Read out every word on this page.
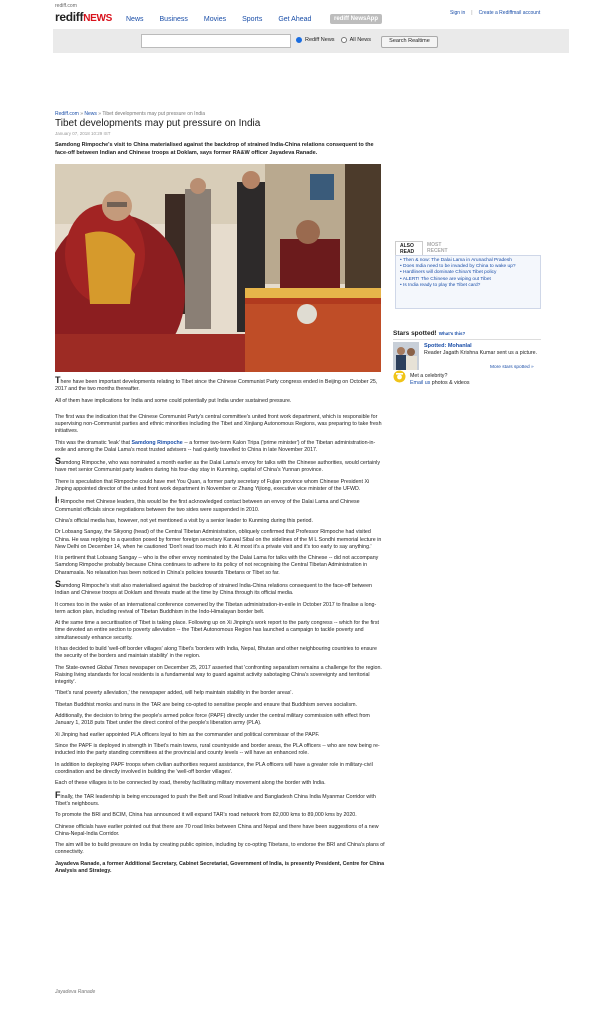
rediff.com
rediffNEWS News Business Movies Sports Get Ahead	rediff NewsApp
Sign in | Create a Rediffmail account
Rediff News	All News	Search Realtime
Rediff.com » News » Tibet developments may put pressure on India
Tibet developments may put pressure on India
January 07, 2018 10:29 IST
Samdong Rimpoche's visit to China materialised against the backdrop of strained India-China relations consequent to the face-off between Indian and Chinese troops at Doklam, says former RA&W officer Jayadeva Ranade.

There have been important developments relating to Tibet since the Chinese Communist Party congress ended in Beijing on October 25, 2017 and the two months thereafter.

All of them have implications for India and some could potentially put India under sustained pressure.

The first was the indication that the Chinese Communist Party's central committee's united front work department, which is responsible for supervising non-Communist parties and ethnic minorities including the Tibet and Xinjiang Autonomous Regions, was preparing to take fresh initiatives.

This was the dramatic 'leak' that Samdong Rimpoche -- a former two-term Kalon Tripa ('prime minister') of the Tibetan administration-in-exile and among the Dalai Lama's most trusted advisers -- had quietly travelled to China in late November 2017.

Samdong Rimpoche, who was nominated a month earlier as the Dalai Lama's envoy for talks with the Chinese authorities, would certainly have met senior Communist party leaders during his four-day stay in Kunming, capital of China's Yunnan province.

There is speculation that Rimpoche could have met You Quan, a former party secretary of Fujian province whom Chinese President Xi Jinping appointed director of the united front work department in November or Zhang Yijiong, executive vice minister of the UFWD.

If Rimpoche met Chinese leaders, this would be the first acknowledged contact between an envoy of the Dalai Lama and Chinese Communist officials since negotiations between the two sides were suspended in 2010.

China's official media has, however, not yet mentioned a visit by a senior leader to Kunming during this period.

Dr Lobsang Sangay, the Sikyong (head) of the Central Tibetan Administration, obliquely confirmed that Professor Rimpoche had visited China. He was replying to a question posed by former foreign secretary Kanwal Sibal on the sidelines of the M L Sondhi memorial lecture in New Delhi on December 14, when he cautioned 'Don't read too much into it. At most it's a private visit and it's too early to say anything.'

It is pertinent that Lobsang Sangay -- who is the other envoy nominated by the Dalai Lama for talks with the Chinese -- did not accompany Samdong Rimpoche probably because China continues to adhere to its policy of not recognising the Central Tibetan Administration in Dharamsala. No relaxation has been noticed in China's policies towards Tibetans or Tibet so far.

Samdong Rimpoche's visit also materialised against the backdrop of strained India-China relations consequent to the face-off between Indian and Chinese troops at Doklam and threats made at the time by China through its official media.

It comes too in the wake of an international conference convened by the Tibetan administration-in-exile in October 2017 to finalise a long-term action plan, including revival of Tibetan Buddhism in the Indo-Himalayan border belt.

At the same time a securitisation of Tibet is taking place. Following up on Xi Jinping's work report to the party congress -- which for the first time devoted an entire section to poverty alleviation -- the Tibet Autonomous Region has launched a campaign to tackle poverty and simultaneously enhance security.

It has decided to build 'well-off border villages' along Tibet's 'borders with India, Nepal, Bhutan and other neighbouring countries to ensure the security of the borders and maintain stability' in the region.

The State-owned Global Times newspaper on December 25, 2017 asserted that 'confronting separatism remains a challenge for the region. Raising living standards for local residents is a fundamental way to guard against activity sabotaging China's sovereignty and territorial integrity'.

'Tibet's rural poverty alleviation,' the newspaper added, will help maintain stability in the border areas'.

Tibetan Buddhist monks and nuns in the TAR are being co-opted to sensitise people and ensure that Buddhism serves socialism.

Additionally, the decision to bring the people's armed police force (PAPF) directly under the central military commission with effect from January 1, 2018 puts Tibet under the direct control of the people's liberation army (PLA).

Xi Jinping had earlier appointed PLA officers loyal to him as the commander and political commissar of the PAPF.

Since the PAPF is deployed in strength in Tibet's main towns, rural countryside and border areas, the PLA officers -- who are now being re-inducted into the party standing committees at the provincial and county levels -- will have an enhanced role.

In addition to deploying PAPF troops when civilian authorities request assistance, the PLA officers will have a greater role in military-civil coordination and be directly involved in building the 'well-off border villages'.

Each of these villages is to be connected by road, thereby facilitating military movement along the border with India.

Finally, the TAR leadership is being encouraged to push the Belt and Road Initiative and Bangladesh China India Myanmar Corridor with Tibet's neighbours.

To promote the BRI and BCIM, China has announced it will expand TAR's road network from 82,000 kms to 89,000 kms by 2020.

Chinese officials have earlier pointed out that there are 70 road links between China and Nepal and there have been suggestions of a new China-Nepal-India Corridor.

The aim will be to build pressure on India by creating public opinion, including by co-opting Tibetans, to endorse the BRI and China's plans of connectivity.

Jayadeva Ranade, a former Additional Secretary, Cabinet Secretariat, Government of India, is presently President, Centre for China Analysis and Strategy.

Jayadeva Ranade
ALSO READ
MOST RECENT
• Then & now: The Dalai Lama in Arunachal Pradesh
• Does India need to be invaded by China to wake up?
• Hardliners will dominate China's Tibet policy
• ALERT! The Chinese are wiping out Tibet
• Is India ready to play the Tibet card?
Stars spotted! What's this?
Spotted: Mohanlal
Reader Jagath Krishna Kumar sent us a picture.
More stars spotted »
Met a celebrity?
Email us photos & videos
